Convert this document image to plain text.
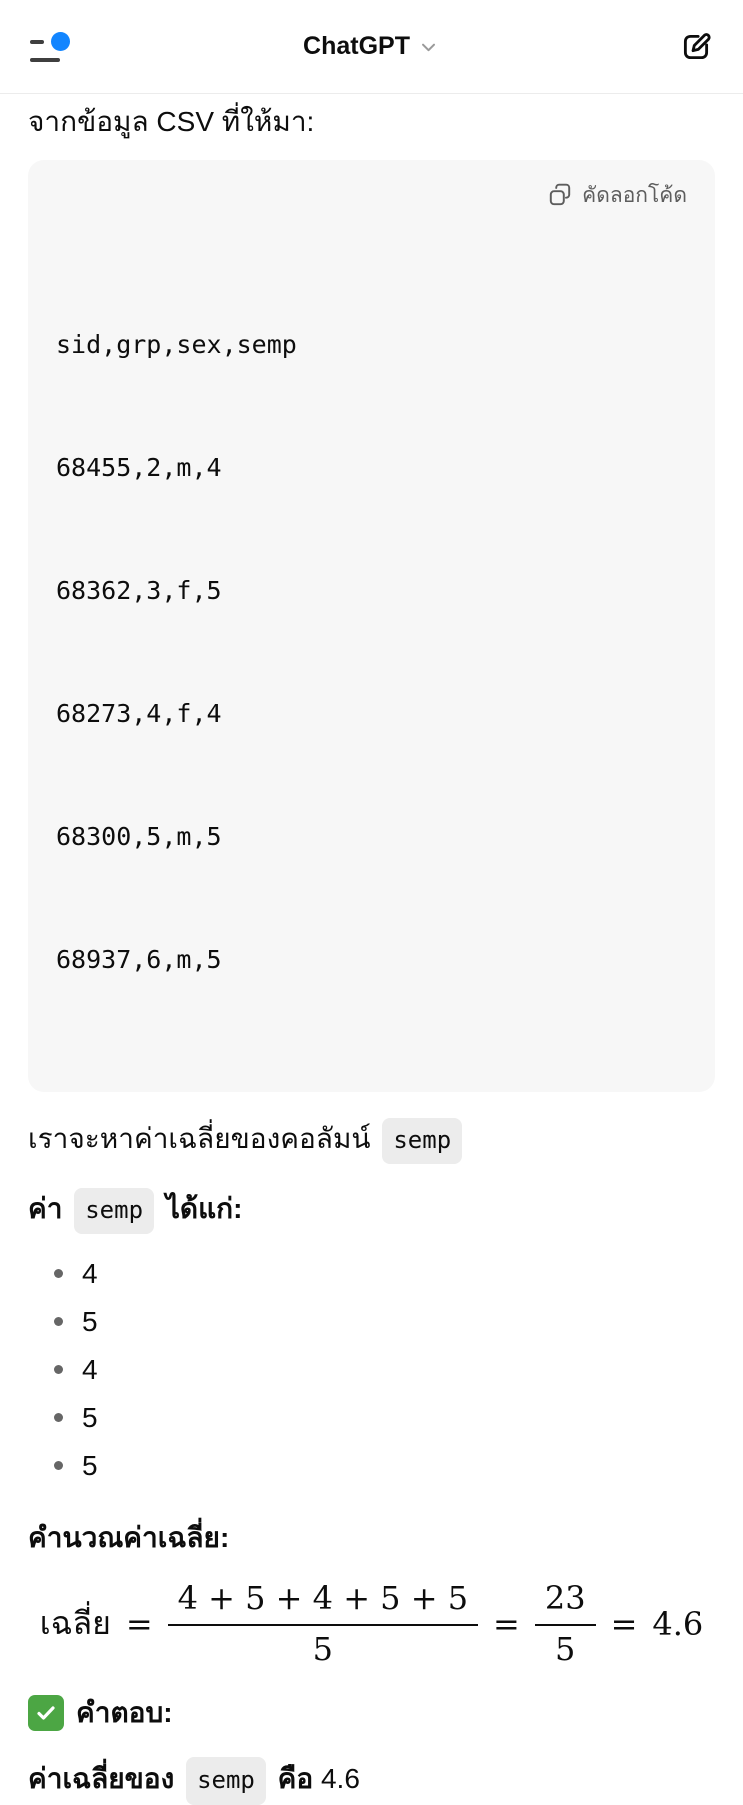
ChatGPT

จากข้อมูล CSV ที่ให้มา:

คัดลอกโค้ด

sid,grp,sex,semp

68455,2,m,4

68362,3,f,5

68273,4,f,4

68300,5,m,5

68937,6,m,5

เราจะหาค่าเฉลี่ยของคอลัมน์ semp

ค่า semp ได้แก่:

4
5
4
5
5

คำนวณค่าเฉลี่ย:

เฉลี่ย = $\frac{4 + 5 + 4 + 5 + 5}{5} = \frac{23}{5} = 4.6$
คำตอบ:

ค่าเฉลี่ยของ semp คือ 4.6
